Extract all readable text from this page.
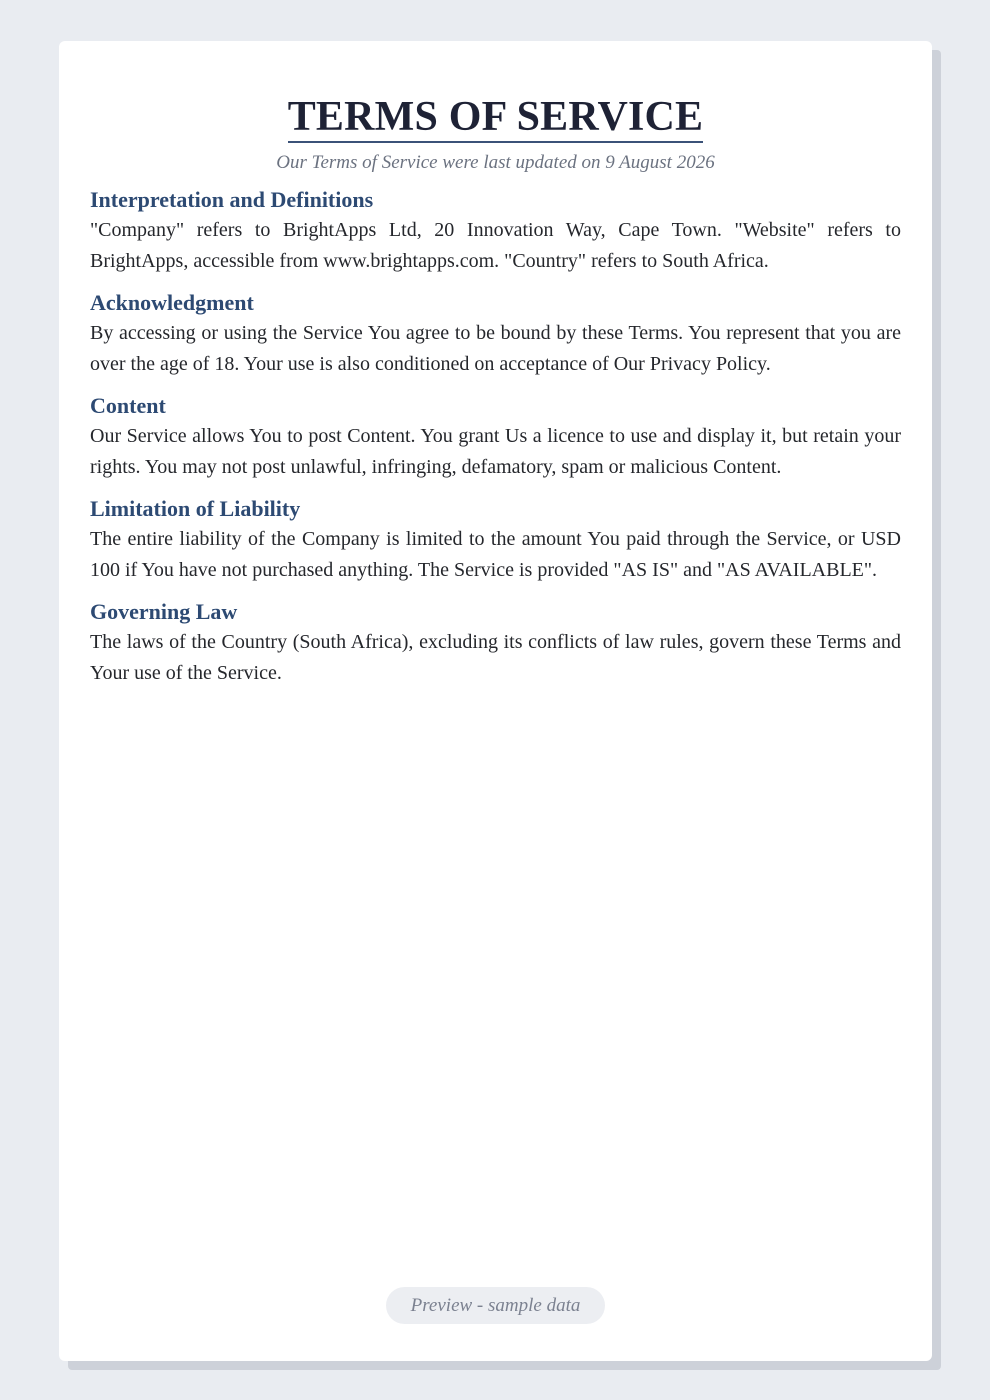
TERMS OF SERVICE

Our Terms of Service were last updated on 9 August 2026

Interpretation and Definitions

"Company" refers to BrightApps Ltd, 20 Innovation Way, Cape Town. "Website" refers to BrightApps, accessible from www.brightapps.com. "Country" refers to South Africa.

Acknowledgment

By accessing or using the Service You agree to be bound by these Terms. You represent that you are over the age of 18. Your use is also conditioned on acceptance of Our Privacy Policy.

Content

Our Service allows You to post Content. You grant Us a licence to use and display it, but retain your rights. You may not post unlawful, infringing, defamatory, spam or malicious Content.

Limitation of Liability

The entire liability of the Company is limited to the amount You paid through the Service, or USD 100 if You have not purchased anything. The Service is provided "AS IS" and "AS AVAILABLE".

Governing Law

The laws of the Country (South Africa), excluding its conflicts of law rules, govern these Terms and Your use of the Service.

Preview - sample data
